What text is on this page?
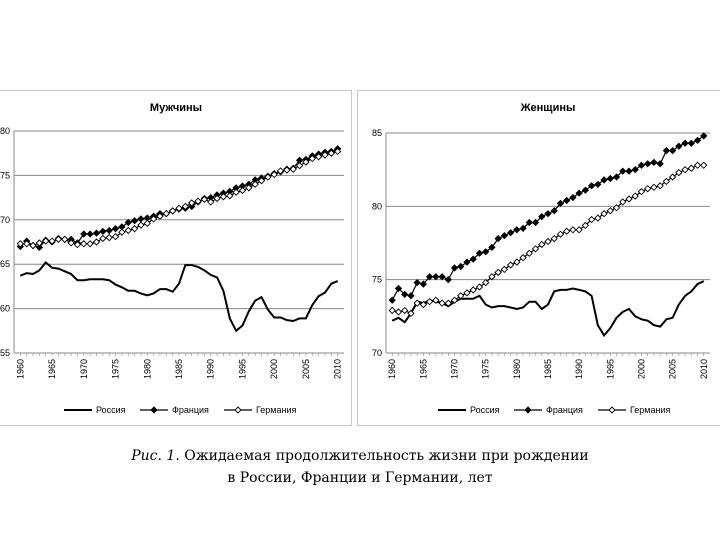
Мужчины
55
60
65
70
75
80
1960 1965 1970 1975 1980 1985 1990 1995 2000 2005 2010
Россия	Франция	Германия
Женщины
70
75
80
85
1960 1965 1970 1975 1980 1985 1990 1995 2000 2005 2010
Россия	Франция	Германия
Рис. 1. Ожидаемая продолжительность жизни при рождении
в России, Франции и Германии, лет
